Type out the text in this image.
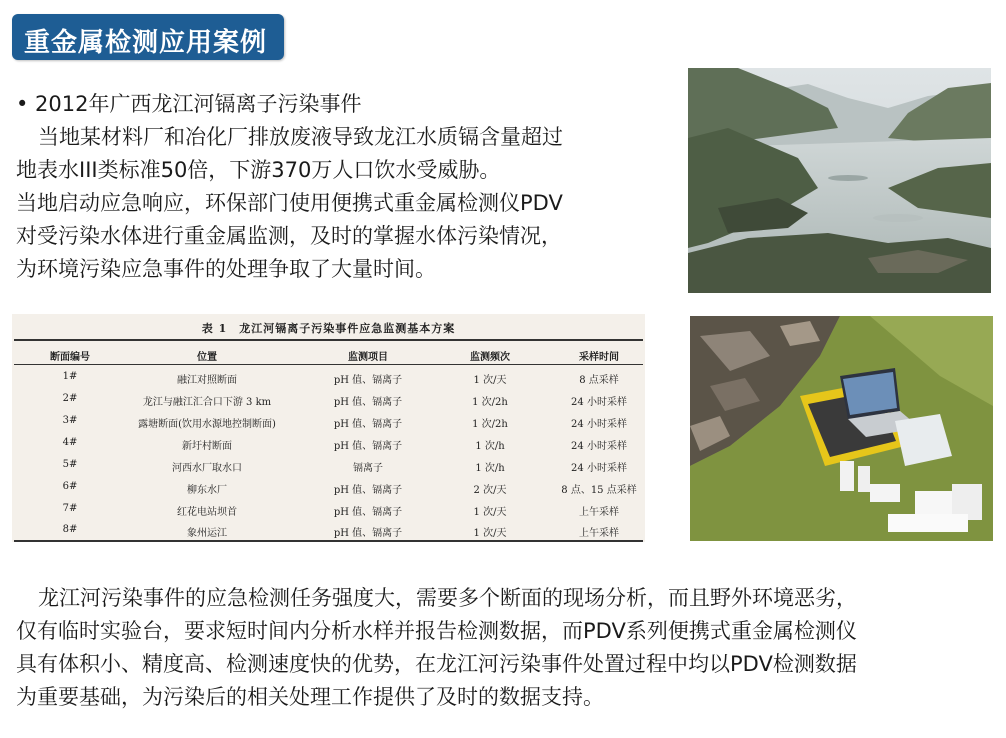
重金属检测应用案例
• 2012年广西龙江河镉离子污染事件
当地某材料厂和冶化厂排放废液导致龙江水质镉含量超过
地表水III类标准50倍，下游370万人口饮水受威胁。
当地启动应急响应，环保部门使用便携式重金属检测仪PDV
对受污染水体进行重金属监测，及时的掌握水体污染情况，
为环境污染应急事件的处理争取了大量时间。
表 1　龙江河镉离子污染事件应急监测基本方案
断面编号	位置	监测项目	监测频次	采样时间
1#	融江对照断面	pH 值、镉离子	1 次/天	8 点采样
2#	龙江与融江汇合口下游 3 km	pH 值、镉离子	1 次/2h	24 小时采样
3#	露塘断面(饮用水源地控制断面)	pH 值、镉离子	1 次/2h	24 小时采样
4#	新圩村断面	pH 值、镉离子	1 次/h	24 小时采样
5#	河西水厂取水口	镉离子	1 次/h	24 小时采样
6#	柳东水厂	pH 值、镉离子	2 次/天	8 点、15 点采样
7#	红花电站坝首	pH 值、镉离子	1 次/天	上午采样
8#	象州运江	pH 值、镉离子	1 次/天	上午采样
龙江河污染事件的应急检测任务强度大，需要多个断面的现场分析，而且野外环境恶劣，
仅有临时实验台，要求短时间内分析水样并报告检测数据，而PDV系列便携式重金属检测仪
具有体积小、精度高、检测速度快的优势，在龙江河污染事件处置过程中均以PDV检测数据
为重要基础，为污染后的相关处理工作提供了及时的数据支持。
